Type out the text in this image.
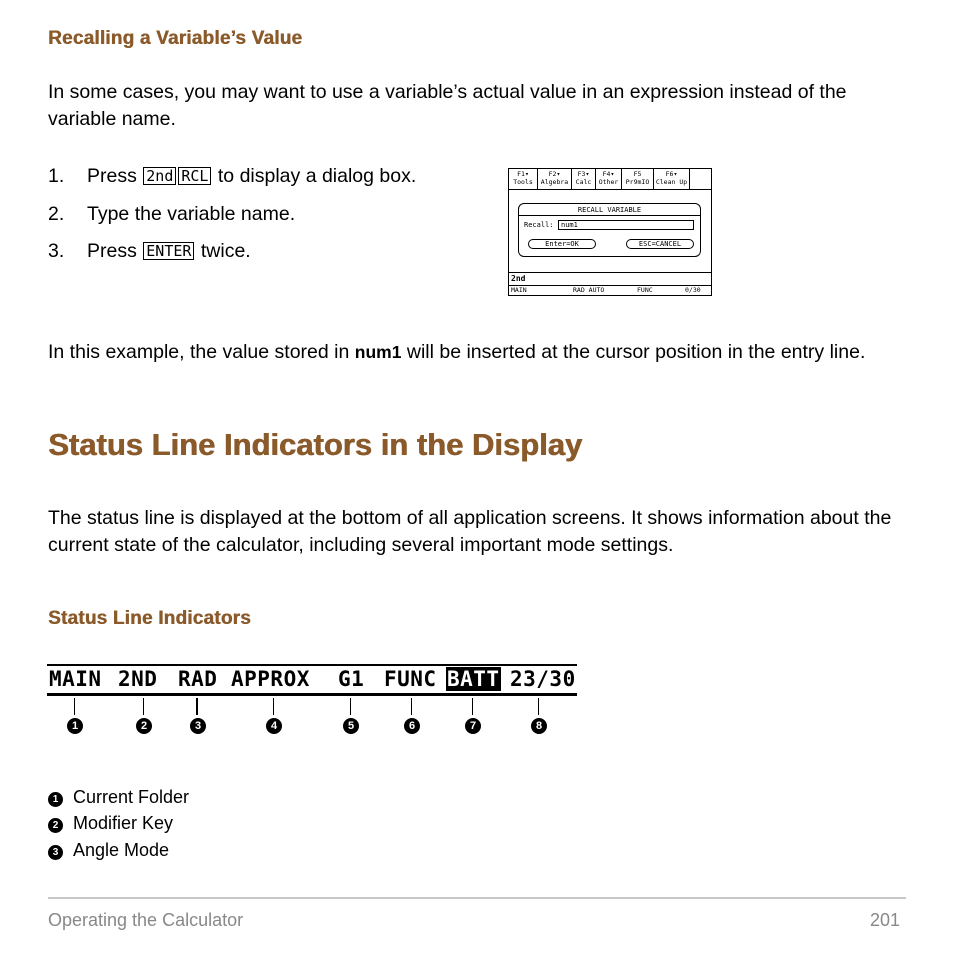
Recalling a Variable’s Value
In some cases, you may want to use a variable’s actual value in an expression instead of the variable name.
1. Press 2nd RCL to display a dialog box.
2. Type the variable name.
3. Press ENTER twice.
F1▾
Tools
F2▾
Algebra
F3▾
Calc
F4▾
Other
F5
Pr9mIO
F6▾
Clean Up
RECALL VARIABLE
Recall:	num1
Enter=OK	ESC=CANCEL
2nd
MAIN	RAD AUTO	FUNC	0/30
In this example, the value stored in num1 will be inserted at the cursor position in the entry line.
Status Line Indicators in the Display
The status line is displayed at the bottom of all application screens. It shows information about the current state of the calculator, including several important mode settings.
Status Line Indicators
MAIN 2ND RAD APPROX G1 FUNC BATT 23/30
1	2	3	4	5	6	7	8
1 Current Folder
2 Modifier Key
3 Angle Mode
Operating the Calculator	201
